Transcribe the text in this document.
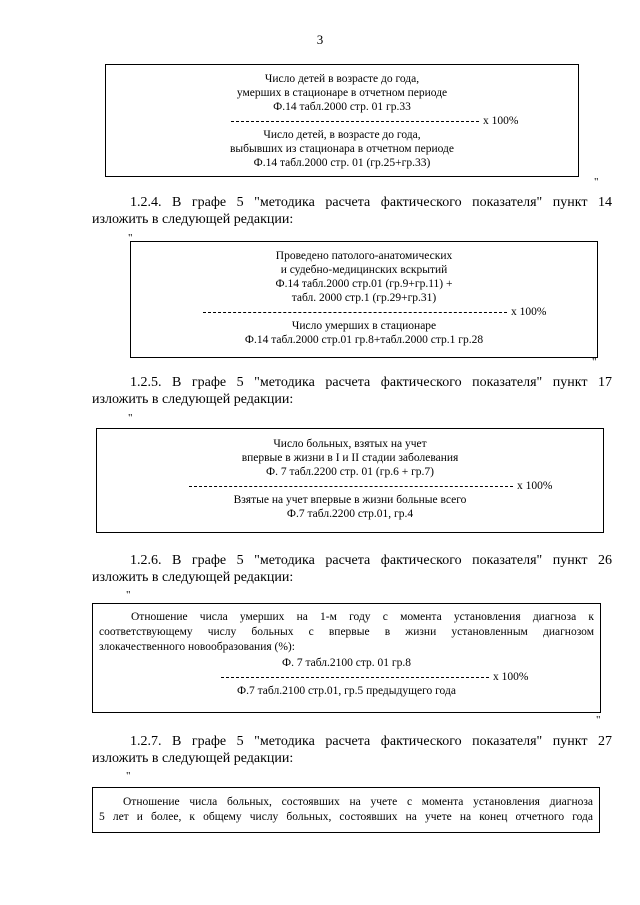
3
Число детей в возрасте до года,
умерших в стационаре в отчетном периоде
Ф.14 табл.2000 стр. 01 гр.33
x 100%
Число детей, в возрасте до года,
выбывших из стационара в отчетном периоде
Ф.14 табл.2000 стр. 01 (гр.25+гр.33)
"
1.2.4. В графе 5 "методика расчета фактического показателя" пункт 14
изложить в следующей редакции:
"
Проведено патолого-анатомических
и судебно-медицинских вскрытий
Ф.14 табл.2000 стр.01 (гр.9+гр.11) +
табл. 2000 стр.1 (гр.29+гр.31)
x 100%
Число умерших в стационаре
Ф.14 табл.2000 стр.01 гр.8+табл.2000 стр.1 гр.28
"
1.2.5. В графе 5 "методика расчета фактического показателя" пункт 17
изложить в следующей редакции:
"
Число больных, взятых на учет
впервые в жизни в I и II стадии заболевания
Ф. 7 табл.2200 стр. 01 (гр.6 + гр.7)
x 100%
Взятые на учет впервые в жизни больные всего
Ф.7 табл.2200 стр.01, гр.4
1.2.6. В графе 5 "методика расчета фактического показателя" пункт 26
изложить в следующей редакции:
"
Отношение числа умерших на 1-м году с момента установления диагноза к
соответствующему числу больных с впервые в жизни установленным диагнозом
злокачественного новообразования (%):
Ф. 7 табл.2100 стр. 01 гр.8
x 100%
Ф.7 табл.2100 стр.01, гр.5 предыдущего года
"
1.2.7. В графе 5 "методика расчета фактического показателя" пункт 27
изложить в следующей редакции:
"
Отношение числа больных, состоявших на учете с момента установления диагноза
5 лет и более, к общему числу больных, состоявших на учете на конец отчетного года
